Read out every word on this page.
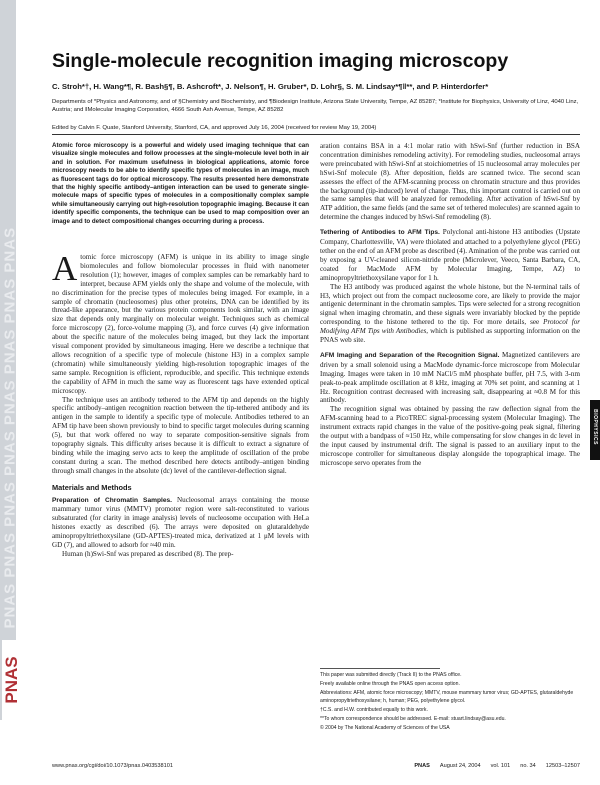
PNAS PNAS PNAS PNAS PNAS PNAS PNAS PNAS
PNAS
BIOPHYSICS
Single-molecule recognition imaging microscopy
C. Stroh*†, H. Wang*¶, R. Bash§¶, B. Ashcroft*, J. Nelson¶, H. Gruber*, D. Lohr§, S. M. Lindsay*¶‖**, and P. Hinterdorfer*
Departments of *Physics and Astronomy, and of §Chemistry and Biochemistry, and ¶Biodesign Institute, Arizona State University, Tempe, AZ 85287; *Institute for Biophysics, University of Linz, 4040 Linz, Austria; and ‖Molecular Imaging Corporation, 4666 South Ash Avenue, Tempe, AZ 85282
Edited by Calvin F. Quate, Stanford University, Stanford, CA, and approved July 16, 2004 (received for review May 19, 2004)
Atomic force microscopy is a powerful and widely used imaging technique that can visualize single molecules and follow processes at the single-molecule level both in air and in solution. For maximum usefulness in biological applications, atomic force microscopy needs to be able to identify specific types of molecules in an image, much as fluorescent tags do for optical microscopy. The results presented here demonstrate that the highly specific antibody–antigen interaction can be used to generate single-molecule maps of specific types of molecules in a compositionally complex sample while simultaneously carrying out high-resolution topographic imaging. Because it can identify specific components, the technique can be used to map composition over an image and to detect compositional changes occurring during a process.

Atomic force microscopy (AFM) is unique in its ability to image single biomolecules and follow biomolecular processes in fluid with nanometer resolution (1); however, images of complex samples can be remarkably hard to interpret, because AFM yields only the shape and volume of the molecule, with no discrimination for the precise types of molecules being imaged. For example, in a sample of chromatin (nucleosomes) plus other proteins, DNA can be identified by its thread-like appearance, but the various protein components look similar, with an image size that depends only marginally on molecular weight. Techniques such as chemical force microscopy (2), force-volume mapping (3), and force curves (4) give information about the specific nature of the molecules being imaged, but they lack the important visual component provided by simultaneous imaging. Here we describe a technique that allows recognition of a specific type of molecule (histone H3) in a complex sample (chromatin) while simultaneously yielding high-resolution topographic images of the same sample. Recognition is efficient, reproducible, and specific. This technique extends the capability of AFM in much the same way as fluorescent tags have extended optical microscopy.

The technique uses an antibody tethered to the AFM tip and depends on the highly specific antibody–antigen recognition reaction between the tip-tethered antibody and its antigen in the sample to identify a specific type of molecule. Antibodies tethered to an AFM tip have been shown previously to bind to specific target molecules during scanning (5), but that work offered no way to separate composition-sensitive signals from topography signals. This difficulty arises because it is difficult to extract a signature of binding while the imaging servo acts to keep the amplitude of oscillation of the probe constant during a scan. The method described here detects antibody–antigen binding through small changes in the absolute (dc) level of the cantilever-deflection signal.

Materials and Methods

Preparation of Chromatin Samples. Nucleosomal arrays containing the mouse mammary tumor virus (MMTV) promoter region were salt-reconstituted to various subsaturated (for clarity in image analysis) levels of nucleosome occupation with HeLa histones exactly as described (6). The arrays were deposited on glutaraldehyde aminopropyltriethoxysilane (GD-APTES)-treated mica, derivatized at 1 μM levels with GD (7), and allowed to adsorb for ≈40 min.

Human (h)Swi-Snf was prepared as described (8). The prep-

aration contains BSA in a 4:1 molar ratio with hSwi-Snf (further reduction in BSA concentration diminishes remodeling activity). For remodeling studies, nucleosomal arrays were preincubated with hSwi-Snf at stoichiometries of 15 nucleosomal array molecules per hSwi-Snf molecule (8). After deposition, fields are scanned twice. The second scan assesses the effect of the AFM-scanning process on chromatin structure and thus provides the background (tip-induced) level of change. Thus, this important control is carried out on the same samples that will be analyzed for remodeling. After activation of hSwi-Snf by ATP addition, the same fields (and the same set of tethered molecules) are scanned again to determine the changes induced by hSwi-Snf remodeling (8).

Tethering of Antibodies to AFM Tips. Polyclonal anti-histone H3 antibodies (Upstate Company, Charlottesville, VA) were thiolated and attached to a polyethylene glycol (PEG) tether on the end of an AFM probe as described (4). Amination of the probe was carried out by exposing a UV-cleaned silicon-nitride probe (Microlever, Veeco, Santa Barbara, CA, coated for MacMode AFM by Molecular Imaging, Tempe, AZ) to aminopropyltriethoxysilane vapor for 1 h.

The H3 antibody was produced against the whole histone, but the N-terminal tails of H3, which project out from the compact nucleosome core, are likely to provide the major antigenic determinant in the chromatin samples. Tips were selected for a strong recognition signal when imaging chromatin, and these signals were invariably blocked by the peptide corresponding to the histone tethered to the tip. For more details, see Protocol for Modifying AFM Tips with Antibodies, which is published as supporting information on the PNAS web site.

AFM Imaging and Separation of the Recognition Signal. Magnetized cantilevers are driven by a small solenoid using a MacMode dynamic-force microscope from Molecular Imaging. Images were taken in 10 mM NaCl/5 mM phosphate buffer, pH 7.5, with 3-nm peak-to-peak amplitude oscillation at 8 kHz, imaging at 70% set point, and scanning at 1 Hz. Recognition contrast decreased with increasing salt, disappearing at ≈0.8 M for this antibody.

The recognition signal was obtained by passing the raw deflection signal from the AFM-scanning head to a PicoTREC signal-processing system (Molecular Imaging). The instrument extracts rapid changes in the value of the positive-going peak signal, filtering the output with a bandpass of ≈150 Hz, while compensating for slow changes in dc level in the input caused by instrumental drift. The signal is passed to an auxiliary input to the microscope controller for simultaneous display alongside the topographical image. The microscope servo operates from the

This paper was submitted directly (Track II) to the PNAS office.

Freely available online through the PNAS open access option.

Abbreviations: AFM, atomic force microscopy; MMTV, mouse mammary tumor virus; GD-APTES, glutaraldehyde aminopropyltriethoxysilane; h, human; PEG, polyethylene glycol.

†C.S. and H.W. contributed equally to this work.

**To whom correspondence should be addressed. E-mail: stuart.lindsay@asu.edu.

© 2004 by The National Academy of Sciences of the USA

www.pnas.org/cgi/doi/10.1073/pnas.0403538101	PNAS August 24, 2004 vol. 101 no. 34 12503–12507
